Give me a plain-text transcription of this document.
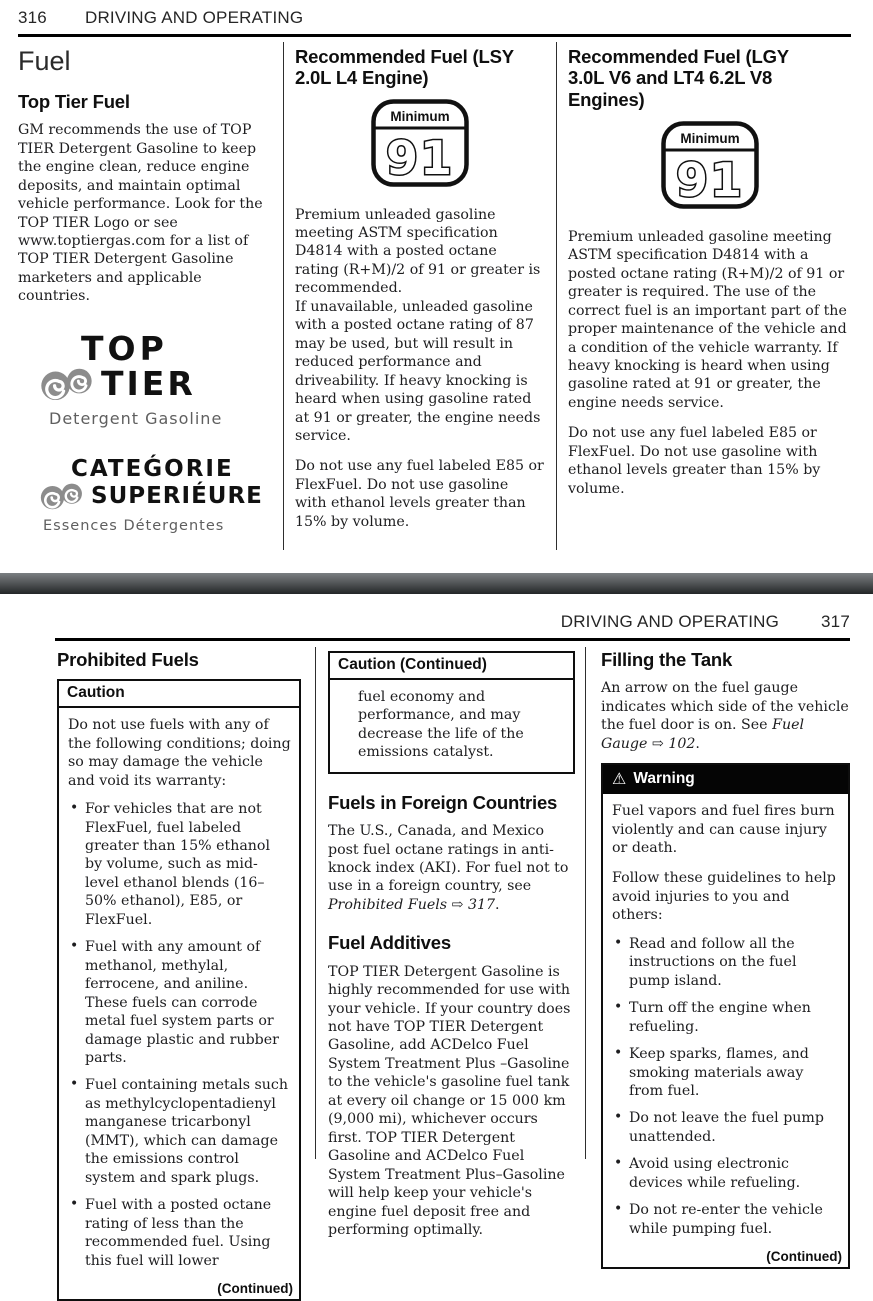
316 DRIVING AND OPERATING
Fuel
Top Tier Fuel

GM recommends the use of TOP TIER Detergent Gasoline to keep the engine clean, reduce engine deposits, and maintain optimal vehicle performance. Look for the TOP TIER Logo or see www.toptiergas.com for a list of TOP TIER Detergent Gasoline marketers and applicable countries.

TOP
TIER
Detergent Gasoline
CATEǴORIE
SUPERIÉURE
Essences Détergentes
Recommended Fuel (LSY 2.0L L4 Engine)
Minimum
91

Premium unleaded gasoline meeting ASTM specification D4814 with a posted octane rating (R+M)/2 of 91 or greater is recommended.

If unavailable, unleaded gasoline with a posted octane rating of 87 may be used, but will result in reduced performance and driveability. If heavy knocking is heard when using gasoline rated at 91 or greater, the engine needs service.

Do not use any fuel labeled E85 or FlexFuel. Do not use gasoline with ethanol levels greater than 15% by volume.

Recommended Fuel (LGY 3.0L V6 and LT4 6.2L V8 Engines)
Minimum
91

Premium unleaded gasoline meeting ASTM specification D4814 with a posted octane rating (R+M)/2 of 91 or greater is required. The use of the correct fuel is an important part of the proper maintenance of the vehicle and a condition of the vehicle warranty. If heavy knocking is heard when using gasoline rated at 91 or greater, the engine needs service.

Do not use any fuel labeled E85 or FlexFuel. Do not use gasoline with ethanol levels greater than 15% by volume.

DRIVING AND OPERATING 317
Prohibited Fuels
Caution

Do not use fuels with any of the following conditions; doing so may damage the vehicle and void its warranty:

• For vehicles that are not FlexFuel, fuel labeled greater than 15% ethanol by volume, such as mid-level ethanol blends (16–50% ethanol), E85, or FlexFuel.
• Fuel with any amount of methanol, methylal, ferrocene, and aniline. These fuels can corrode metal fuel system parts or damage plastic and rubber parts.
• Fuel containing metals such as methylcyclopentadienyl manganese tricarbonyl (MMT), which can damage the emissions control system and spark plugs.
• Fuel with a posted octane rating of less than the recommended fuel. Using this fuel will lower
(Continued)
Caution (Continued)
fuel economy and performance, and may decrease the life of the emissions catalyst.
Fuels in Foreign Countries

The U.S., Canada, and Mexico post fuel octane ratings in anti-knock index (AKI). For fuel not to use in a foreign country, see Prohibited Fuels ⇨ 317.

Fuel Additives

TOP TIER Detergent Gasoline is highly recommended for use with your vehicle. If your country does not have TOP TIER Detergent Gasoline, add ACDelco Fuel System Treatment Plus –Gasoline to the vehicle's gasoline fuel tank at every oil change or 15 000 km (9,000 mi), whichever occurs first. TOP TIER Detergent Gasoline and ACDelco Fuel System Treatment Plus–Gasoline will help keep your vehicle's engine fuel deposit free and performing optimally.

Filling the Tank

An arrow on the fuel gauge indicates which side of the vehicle the fuel door is on. See Fuel Gauge ⇨ 102.

⚠ Warning

Fuel vapors and fuel fires burn violently and can cause injury or death.

Follow these guidelines to help avoid injuries to you and others:

• Read and follow all the instructions on the fuel pump island.
• Turn off the engine when refueling.
• Keep sparks, flames, and smoking materials away from fuel.
• Do not leave the fuel pump unattended.
• Avoid using electronic devices while refueling.
• Do not re-enter the vehicle while pumping fuel.
(Continued)
